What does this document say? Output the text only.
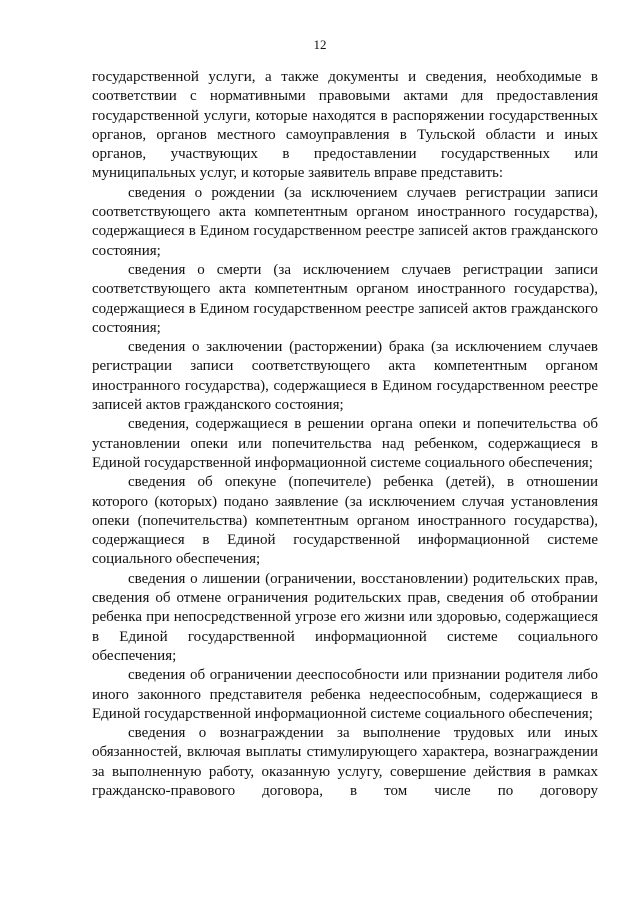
12

государственной услуги, а также документы и сведения, необходимые в соответствии с нормативными правовыми актами для предоставления государственной услуги, которые находятся в распоряжении государственных органов, органов местного самоуправления в Тульской области и иных органов, участвующих в предоставлении государственных или муниципальных услуг, и которые заявитель вправе представить:

сведения о рождении (за исключением случаев регистрации записи соответствующего акта компетентным органом иностранного государства), содержащиеся в Едином государственном реестре записей актов гражданского состояния;

сведения о смерти (за исключением случаев регистрации записи соответствующего акта компетентным органом иностранного государства), содержащиеся в Едином государственном реестре записей актов гражданского состояния;

сведения о заключении (расторжении) брака (за исключением случаев регистрации записи соответствующего акта компетентным органом иностранного государства), содержащиеся в Едином государственном реестре записей актов гражданского состояния;

сведения, содержащиеся в решении органа опеки и попечительства об установлении опеки или попечительства над ребенком, содержащиеся в Единой государственной информационной системе социального обеспечения;

сведения об опекуне (попечителе) ребенка (детей), в отношении которого (которых) подано заявление (за исключением случая установления опеки (попечительства) компетентным органом иностранного государства), содержащиеся в Единой государственной информационной системе социального обеспечения;

сведения о лишении (ограничении, восстановлении) родительских прав, сведения об отмене ограничения родительских прав, сведения об отобрании ребенка при непосредственной угрозе его жизни или здоровью, содержащиеся в Единой государственной информационной системе социального обеспечения;

сведения об ограничении дееспособности или признании родителя либо иного законного представителя ребенка недееспособным, содержащиеся в Единой государственной информационной системе социального обеспечения;

сведения о вознаграждении за выполнение трудовых или иных обязанностей, включая выплаты стимулирующего характера, вознаграждении за выполненную работу, оказанную услугу, совершение действия в рамках гражданско-правового договора, в том числе по договору
